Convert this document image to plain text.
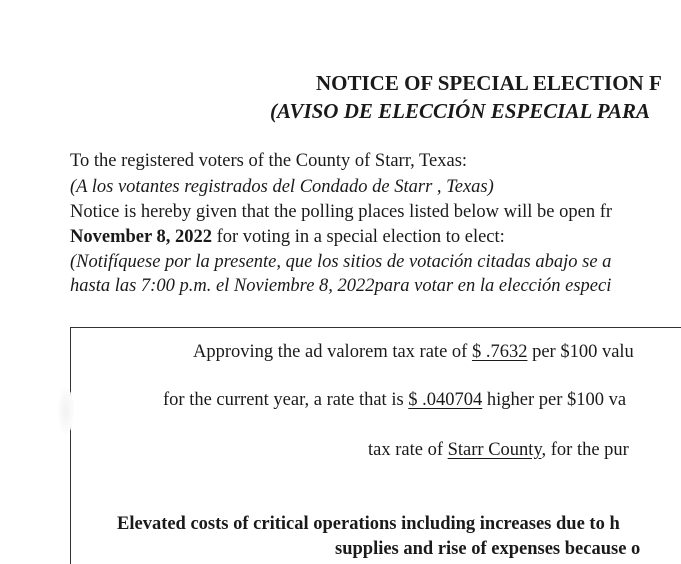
NOTICE OF SPECIAL ELECTION F
(AVISO DE ELECCIÓN ESPECIAL PARA
To the registered voters of the County of Starr, Texas:
(A los votantes registrados del Condado de Starr , Texas)
Notice is hereby given that the polling places listed below will be open fr
November 8, 2022 for voting in a special election to elect:
(Notifíquese por la presente, que los sitios de votación citadas abajo se a
hasta las 7:00 p.m. el Noviembre 8, 2022para votar en la elección especi
Approving the ad valorem tax rate of $ .7632 per $100 valu
for the current year, a rate that is $ .040704 higher per $100 va
tax rate of Starr County, for the pur
Elevated costs of critical operations including increases due to h
supplies and rise of expenses because o
